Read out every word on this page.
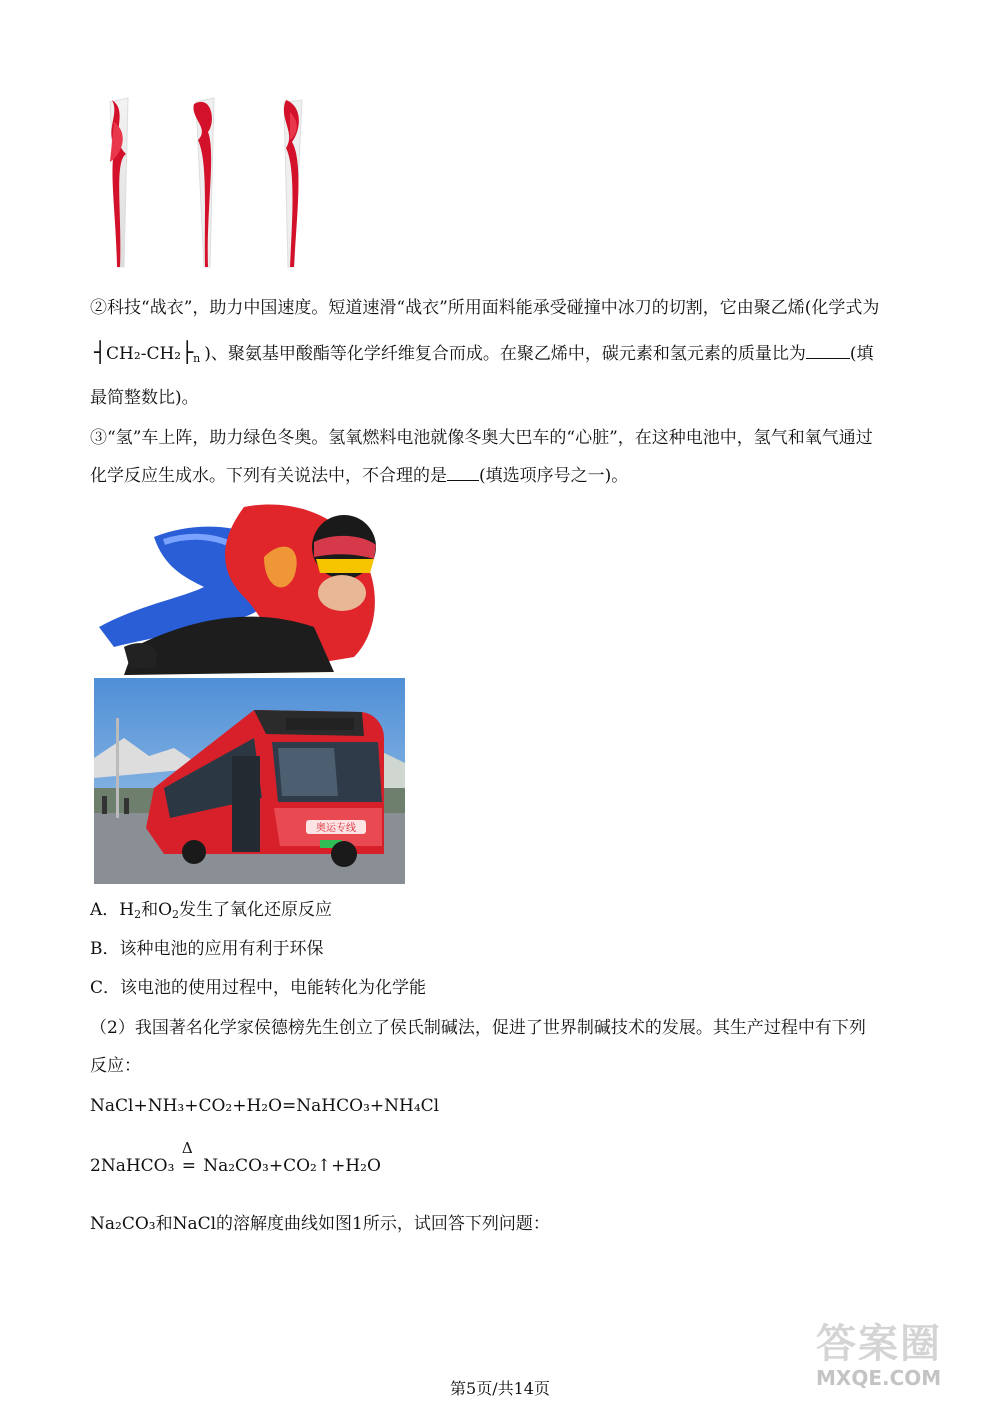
②科技“战衣”，助力中国速度。短道速滑“战衣”所用面料能承受碰撞中冰刀的切割，它由聚乙烯(化学式为
$┤CH_2-CH_2├_n$ )、聚氨基甲酸酯等化学纤维复合而成。在聚乙烯中，碳元素和氢元素的质量比为	(填
最简整数比)。
③“氢”车上阵，助力绿色冬奥。氢氧燃料电池就像冬奥大巴车的“心脏”，在这种电池中，氢气和氧气通过
化学反应生成水。下列有关说法中，不合理的是 (填选项序号之一)。
奥运专线
A．$H_2$和$O_2$发生了氧化还原反应
B．该种电池的应用有利于环保
C．该电池的使用过程中，电能转化为化学能
（2）我国著名化学家侯德榜先生创立了侯氏制碱法，促进了世界制碱技术的发展。其生产过程中有下列
反应：
NaCl+NH₃+CO₂+H₂O=NaHCO₃+NH₄Cl
2NaHCO₃
Δ
= Na₂CO₃+CO₂↑+H₂O
Na₂CO₃和NaCl的溶解度曲线如图1所示，试回答下列问题：
第5页/共14页
答案圈
MXQE.COM
